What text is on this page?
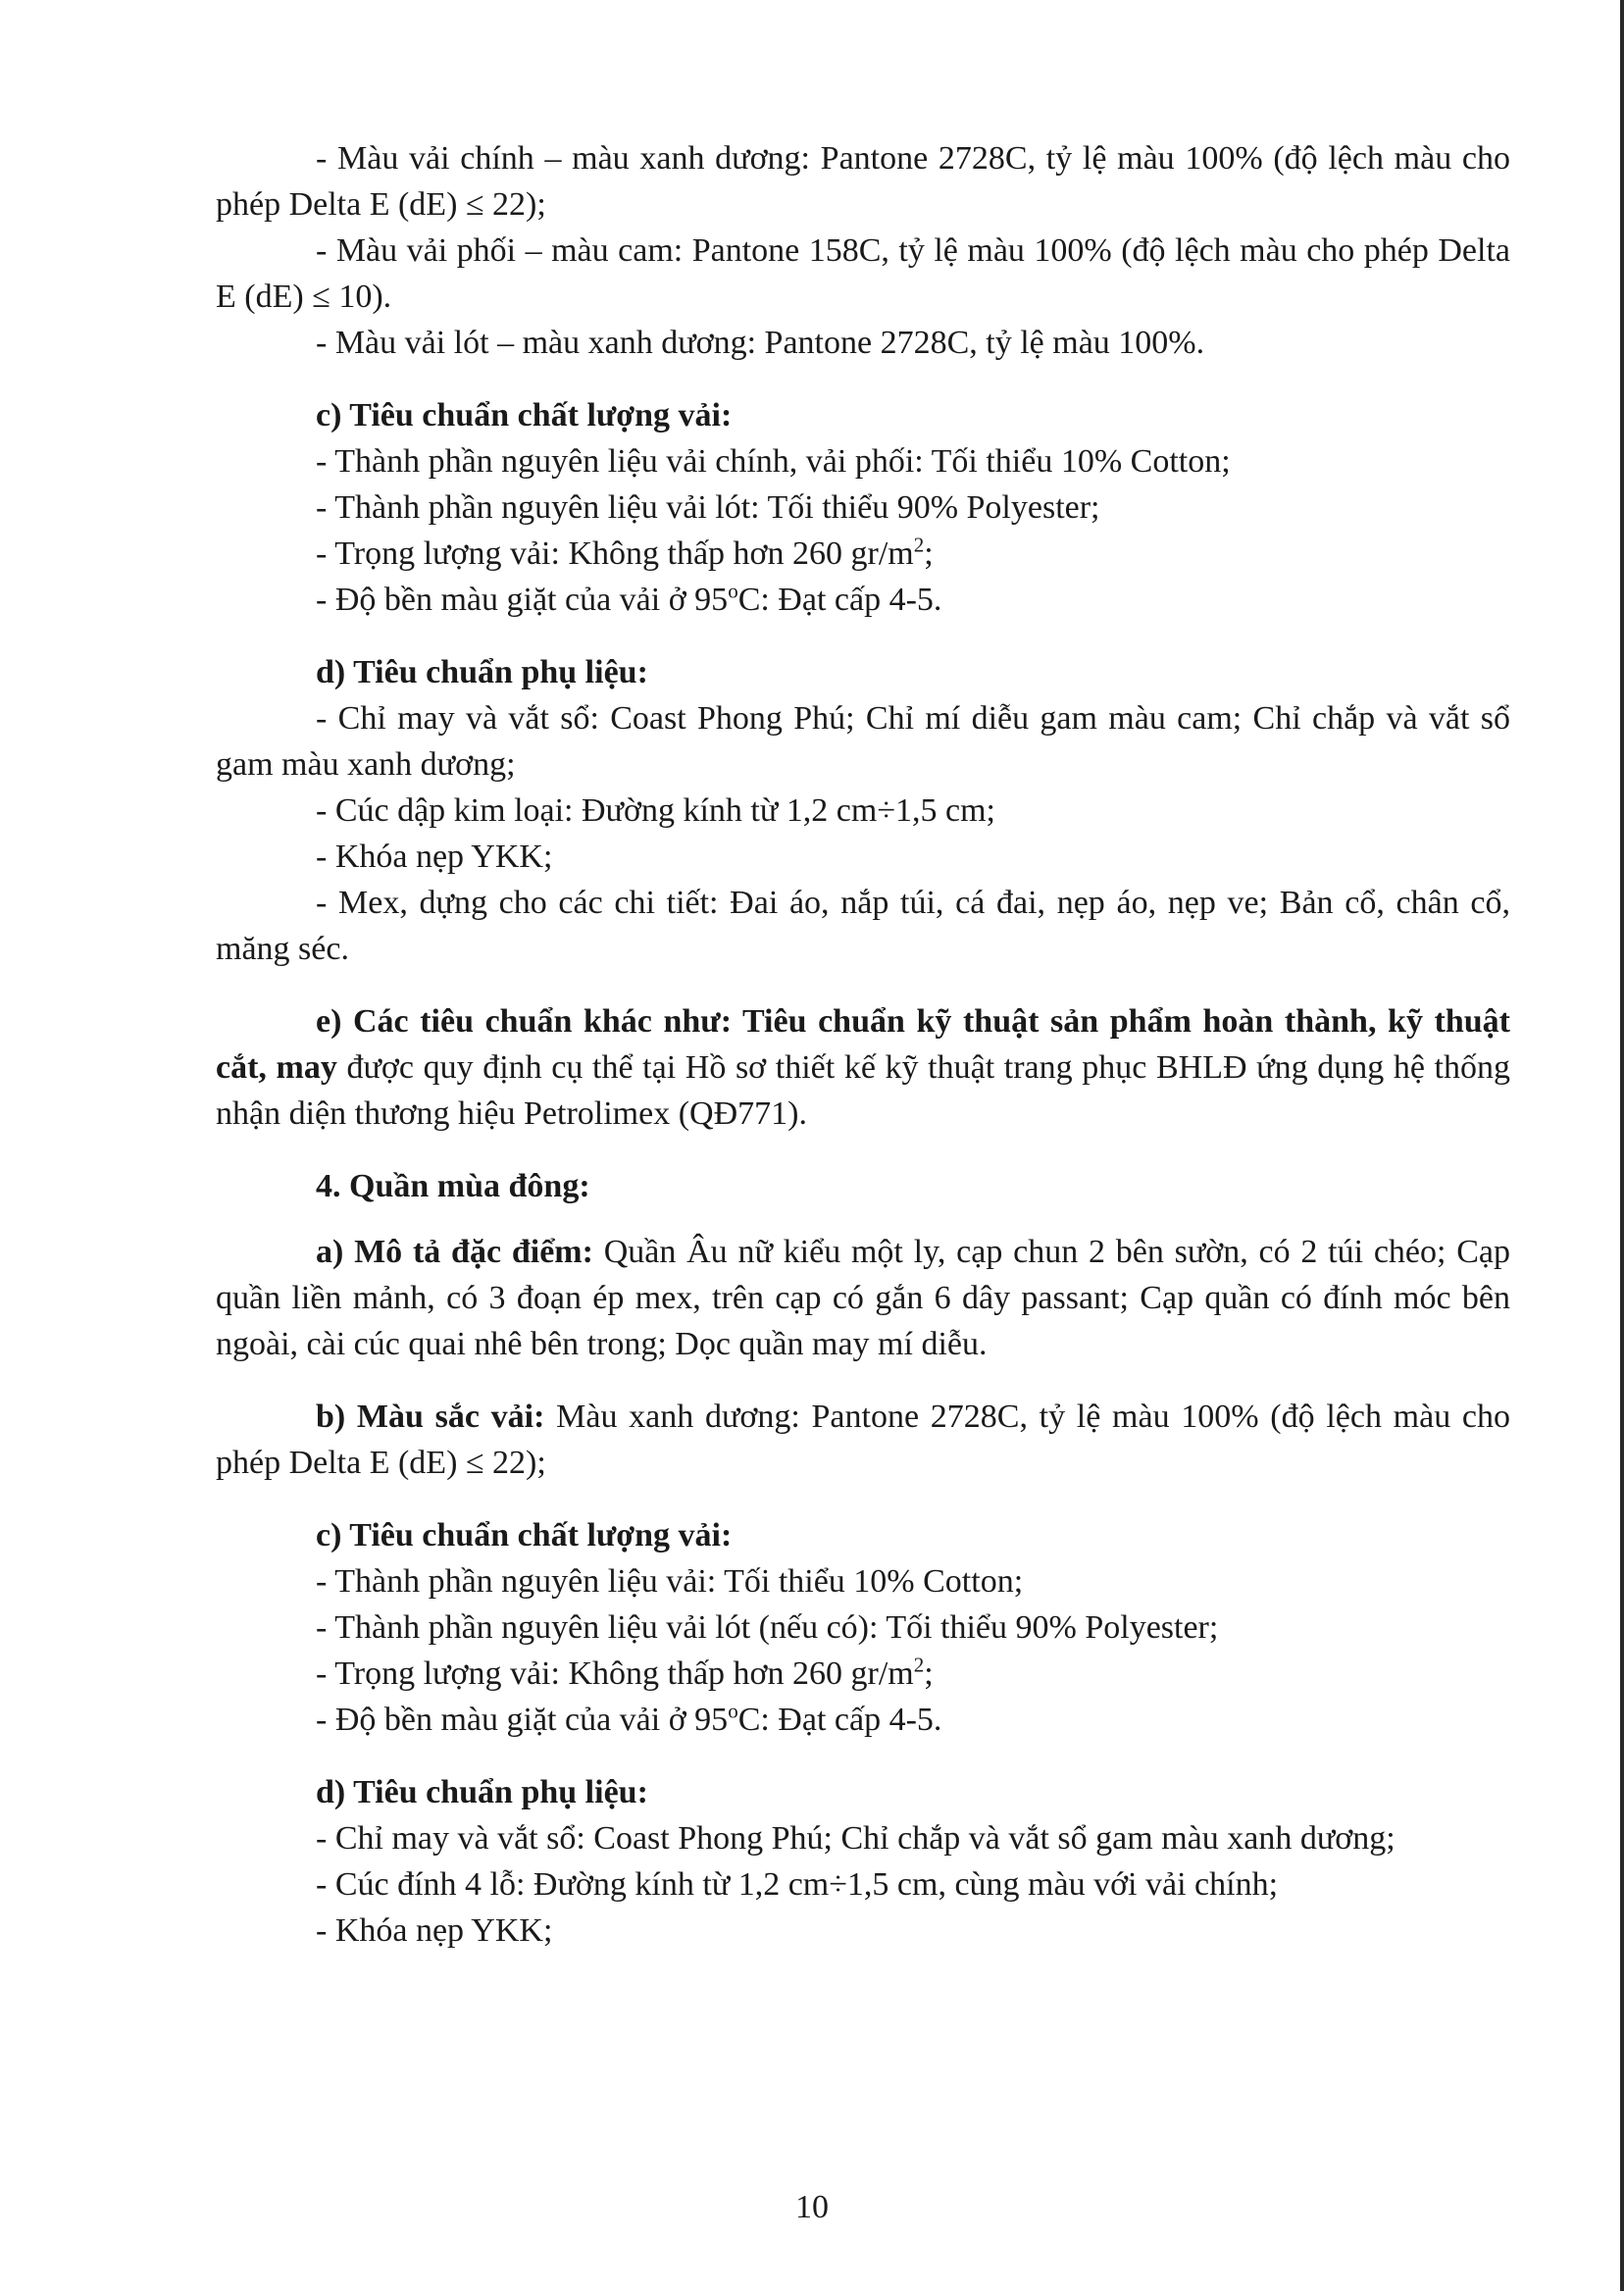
- Màu vải chính – màu xanh dương: Pantone 2728C, tỷ lệ màu 100% (độ lệch màu cho phép Delta E (dE) ≤ 22);

- Màu vải phối – màu cam: Pantone 158C, tỷ lệ màu 100% (độ lệch màu cho phép Delta E (dE) ≤ 10).

- Màu vải lót – màu xanh dương: Pantone 2728C, tỷ lệ màu 100%.

c) Tiêu chuẩn chất lượng vải:

- Thành phần nguyên liệu vải chính, vải phối: Tối thiểu 10% Cotton;

- Thành phần nguyên liệu vải lót: Tối thiểu 90% Polyester;

- Trọng lượng vải: Không thấp hơn 260 $gr/m^2$;

- Độ bền màu giặt của vải ở 95$^o$C: Đạt cấp 4-5.

d) Tiêu chuẩn phụ liệu:

- Chỉ may và vắt sổ: Coast Phong Phú; Chỉ mí diễu gam màu cam; Chỉ chắp và vắt sổ gam màu xanh dương;

- Cúc dập kim loại: Đường kính từ 1,2 cm÷1,5 cm;

- Khóa nẹp YKK;

- Mex, dựng cho các chi tiết: Đai áo, nắp túi, cá đai, nẹp áo, nẹp ve; Bản cổ, chân cổ, măng séc.

e) Các tiêu chuẩn khác như: Tiêu chuẩn kỹ thuật sản phẩm hoàn thành, kỹ thuật cắt, may được quy định cụ thể tại Hồ sơ thiết kế kỹ thuật trang phục BHLĐ ứng dụng hệ thống nhận diện thương hiệu Petrolimex (QĐ771).

4. Quần mùa đông:

a) Mô tả đặc điểm: Quần Âu nữ kiểu một ly, cạp chun 2 bên sườn, có 2 túi chéo; Cạp quần liền mảnh, có 3 đoạn ép mex, trên cạp có gắn 6 dây passant; Cạp quần có đính móc bên ngoài, cài cúc quai nhê bên trong; Dọc quần may mí diễu.

b) Màu sắc vải: Màu xanh dương: Pantone 2728C, tỷ lệ màu 100% (độ lệch màu cho phép Delta E (dE) ≤ 22);

c) Tiêu chuẩn chất lượng vải:

- Thành phần nguyên liệu vải: Tối thiểu 10% Cotton;

- Thành phần nguyên liệu vải lót (nếu có): Tối thiểu 90% Polyester;

- Trọng lượng vải: Không thấp hơn 260 $gr/m^2$;

- Độ bền màu giặt của vải ở 95$^o$C: Đạt cấp 4-5.

d) Tiêu chuẩn phụ liệu:

- Chỉ may và vắt sổ: Coast Phong Phú; Chỉ chắp và vắt sổ gam màu xanh dương;

- Cúc đính 4 lỗ: Đường kính từ 1,2 cm÷1,5 cm, cùng màu với vải chính;

- Khóa nẹp YKK;

10
